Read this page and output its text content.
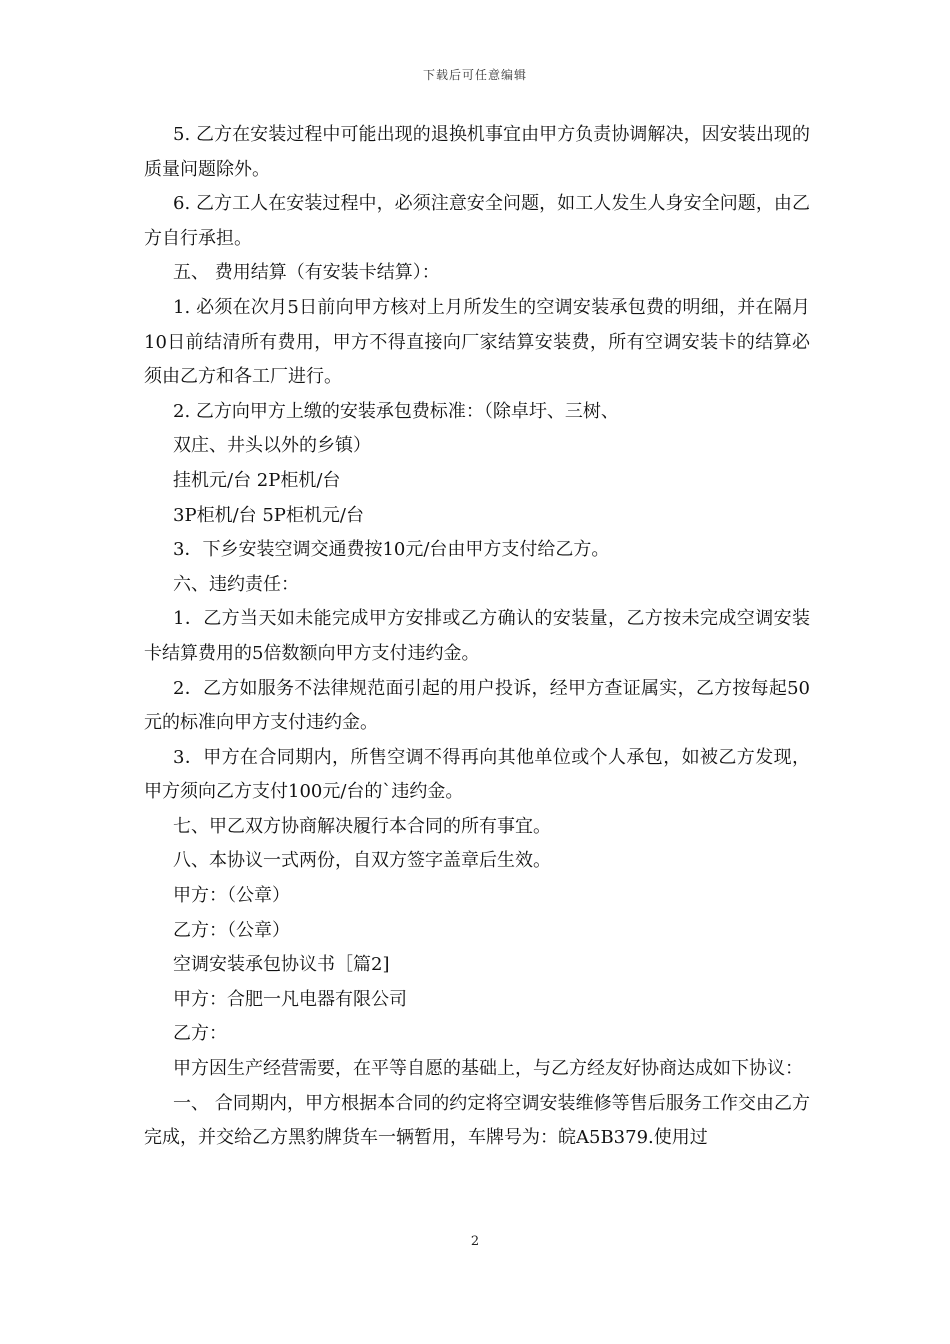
下载后可任意编辑

5. 乙方在安装过程中可能出现的退换机事宜由甲方负责协调解决，因安装出现的质量问题除外。

6. 乙方工人在安装过程中，必须注意安全问题，如工人发生人身安全问题，由乙方自行承担。

五、 费用结算（有安装卡结算）：

1. 必须在次月5日前向甲方核对上月所发生的空调安装承包费的明细，并在隔月10日前结清所有费用，甲方不得直接向厂家结算安装费，所有空调安装卡的结算必须由乙方和各工厂进行。

2. 乙方向甲方上缴的安装承包费标准：（除卓圩、三树、

双庄、井头以外的乡镇）

挂机元/台 2P柜机/台

3P柜机/台 5P柜机元/台

3．下乡安装空调交通费按10元/台由甲方支付给乙方。

六、违约责任：

1．乙方当天如未能完成甲方安排或乙方确认的安装量，乙方按未完成空调安装卡结算费用的5倍数额向甲方支付违约金。

2．乙方如服务不法律规范面引起的用户投诉，经甲方查证属实，乙方按每起50元的标准向甲方支付违约金。

3．甲方在合同期内，所售空调不得再向其他单位或个人承包，如被乙方发现，甲方须向乙方支付100元/台的`违约金。

七、甲乙双方协商解决履行本合同的所有事宜。

八、本协议一式两份，自双方签字盖章后生效。

甲方：（公章）

乙方：（公章）

空调安装承包协议书［篇2]

甲方：合肥一凡电器有限公司

乙方：

甲方因生产经营需要，在平等自愿的基础上，与乙方经友好协商达成如下协议：

一、 合同期内，甲方根据本合同的约定将空调安装维修等售后服务工作交由乙方完成，并交给乙方黑豹牌货车一辆暂用，车牌号为：皖A5B379.使用过

2
